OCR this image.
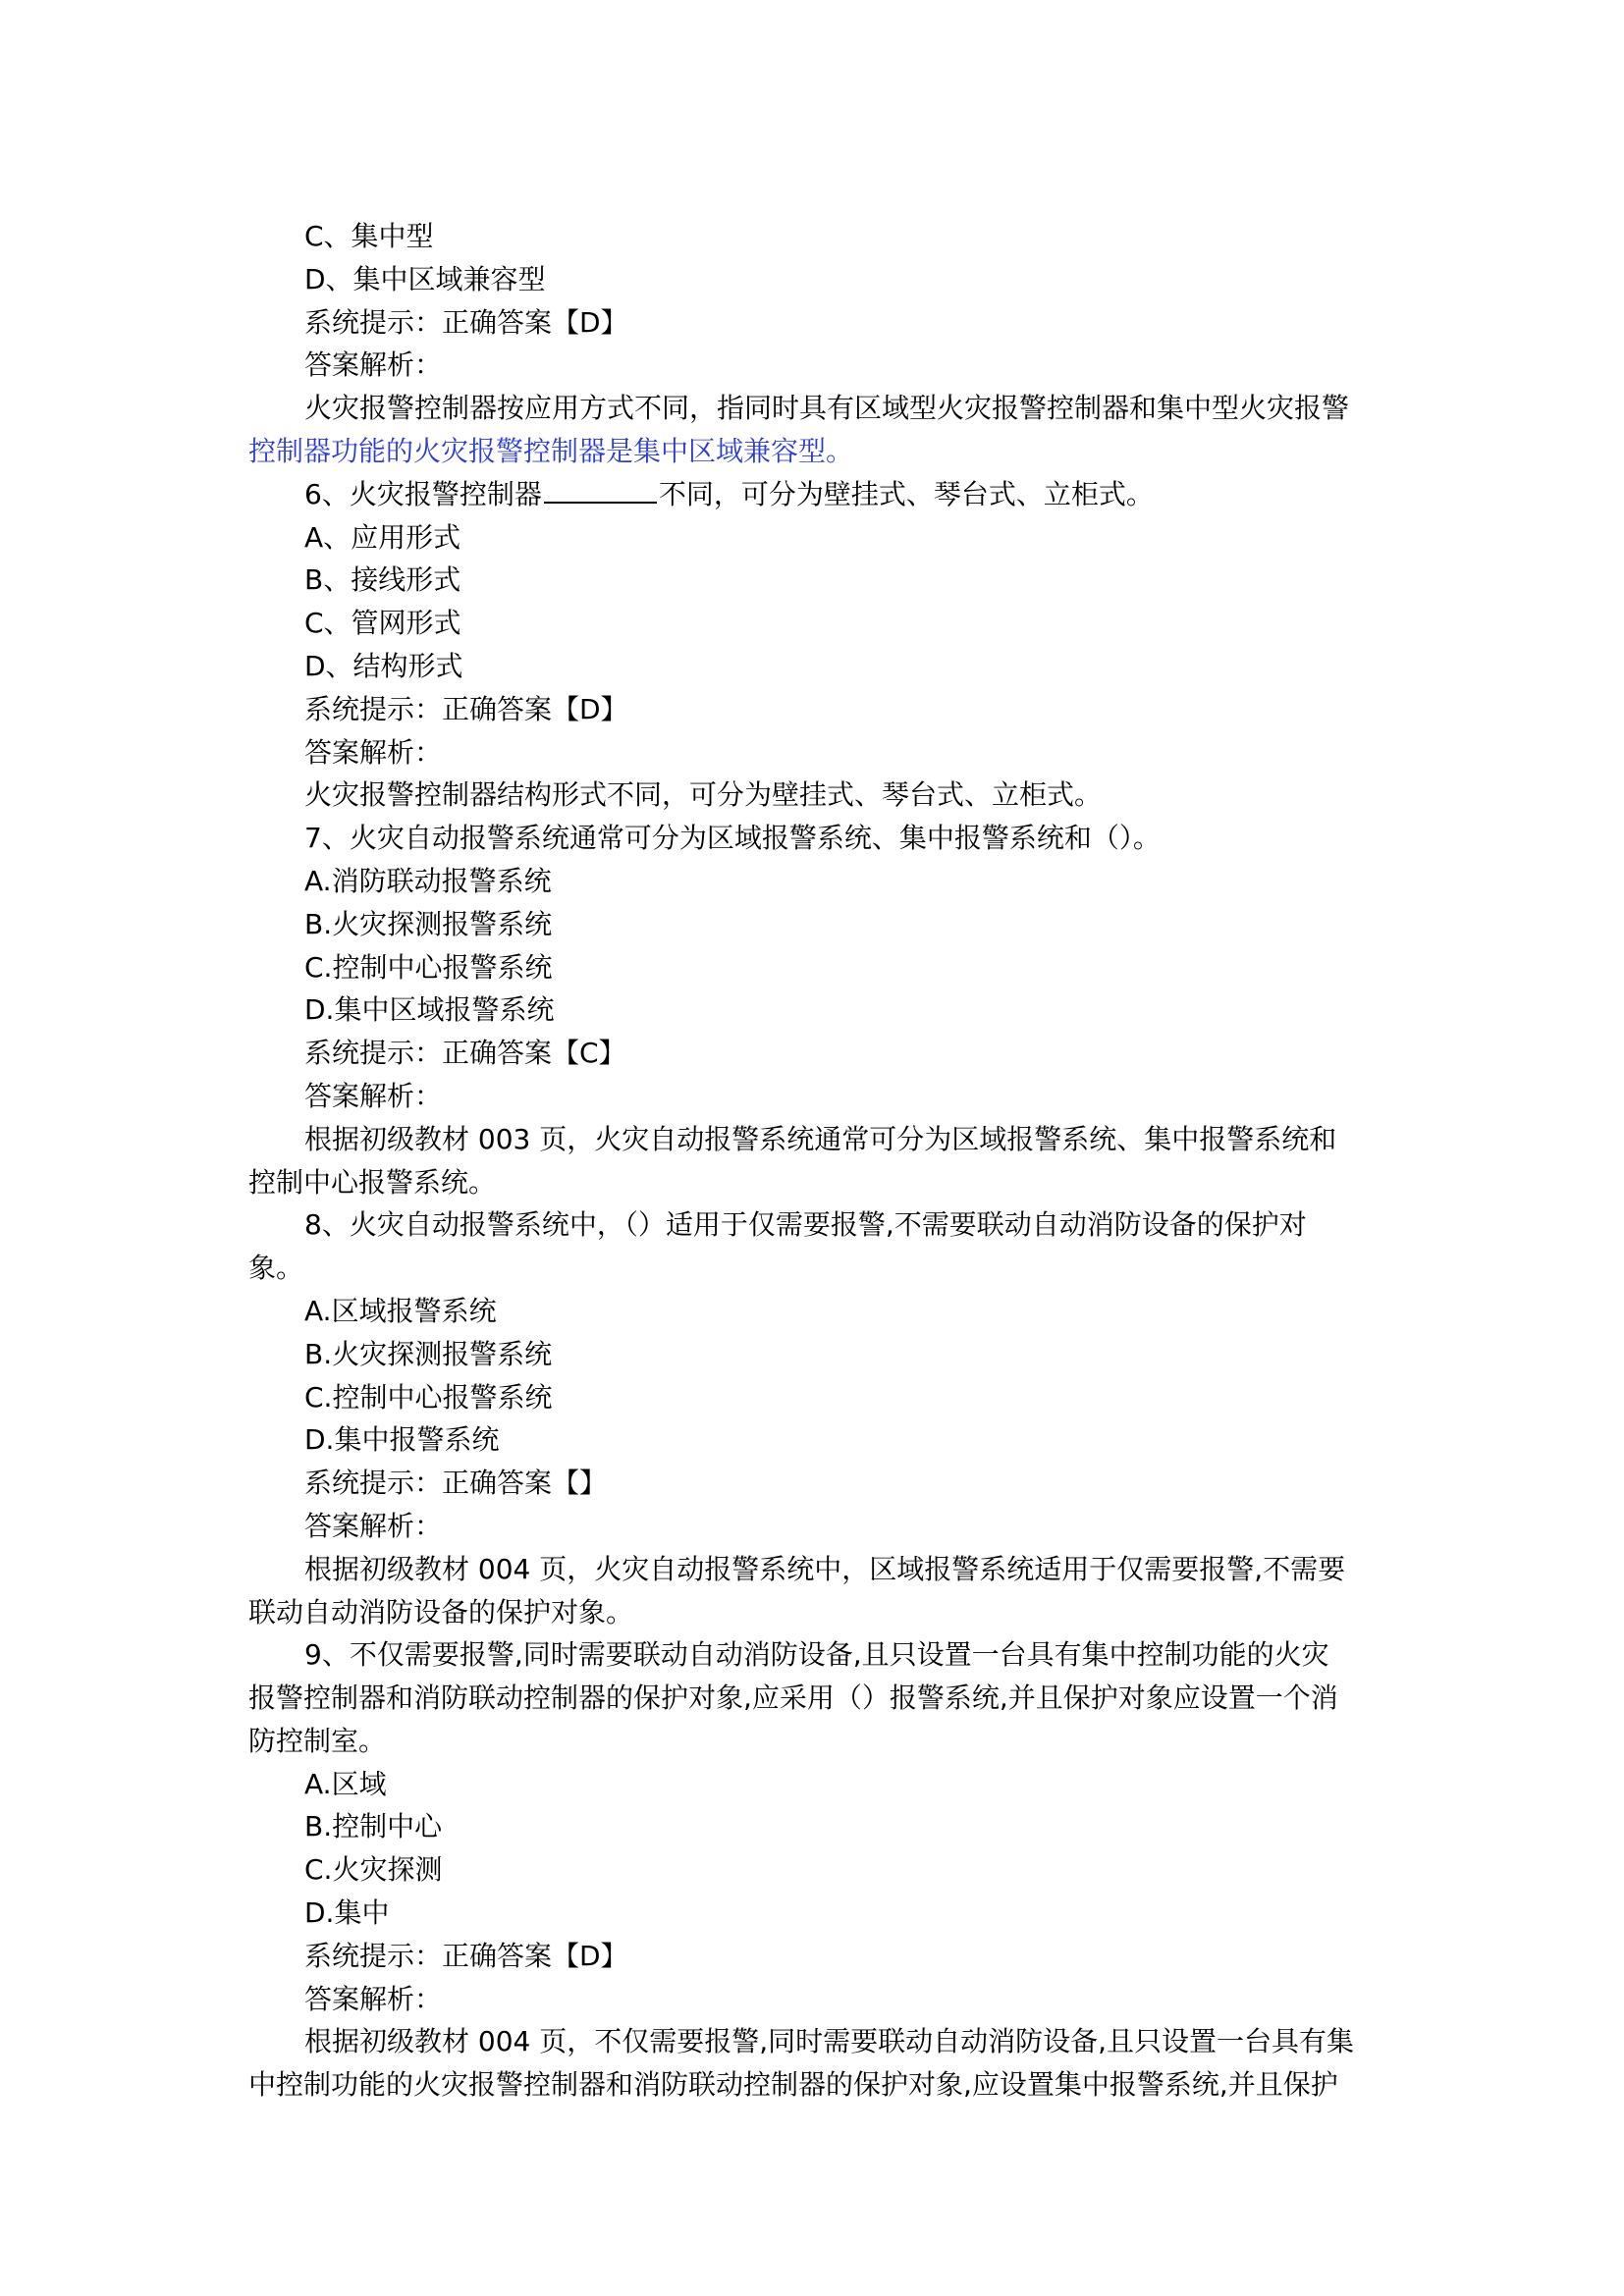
C、集中型
D、集中区域兼容型
系统提示：正确答案【D】
答案解析：
火灾报警控制器按应用方式不同，指同时具有区域型火灾报警控制器和集中型火灾报警
控制器功能的火灾报警控制器是集中区域兼容型。
6、火灾报警控制器	不同，可分为壁挂式、琴台式、立柜式。
A、应用形式
B、接线形式
C、管网形式
D、结构形式
系统提示：正确答案【D】
答案解析：
火灾报警控制器结构形式不同，可分为壁挂式、琴台式、立柜式。
7、火灾自动报警系统通常可分为区域报警系统、集中报警系统和（）。
A.消防联动报警系统
B.火灾探测报警系统
C.控制中心报警系统
D.集中区域报警系统
系统提示：正确答案【C】
答案解析：
根据初级教材 003 页，火灾自动报警系统通常可分为区域报警系统、集中报警系统和
控制中心报警系统。
8、火灾自动报警系统中，（）适用于仅需要报警,不需要联动自动消防设备的保护对
象。
A.区域报警系统
B.火灾探测报警系统
C.控制中心报警系统
D.集中报警系统
系统提示：正确答案【】
答案解析：
根据初级教材 004 页，火灾自动报警系统中，区域报警系统适用于仅需要报警,不需要
联动自动消防设备的保护对象。
9、不仅需要报警,同时需要联动自动消防设备,且只设置一台具有集中控制功能的火灾
报警控制器和消防联动控制器的保护对象,应采用（）报警系统,并且保护对象应设置一个消
防控制室。
A.区域
B.控制中心
C.火灾探测
D.集中
系统提示：正确答案【D】
答案解析：
根据初级教材 004 页，不仅需要报警,同时需要联动自动消防设备,且只设置一台具有集
中控制功能的火灾报警控制器和消防联动控制器的保护对象,应设置集中报警系统,并且保护
